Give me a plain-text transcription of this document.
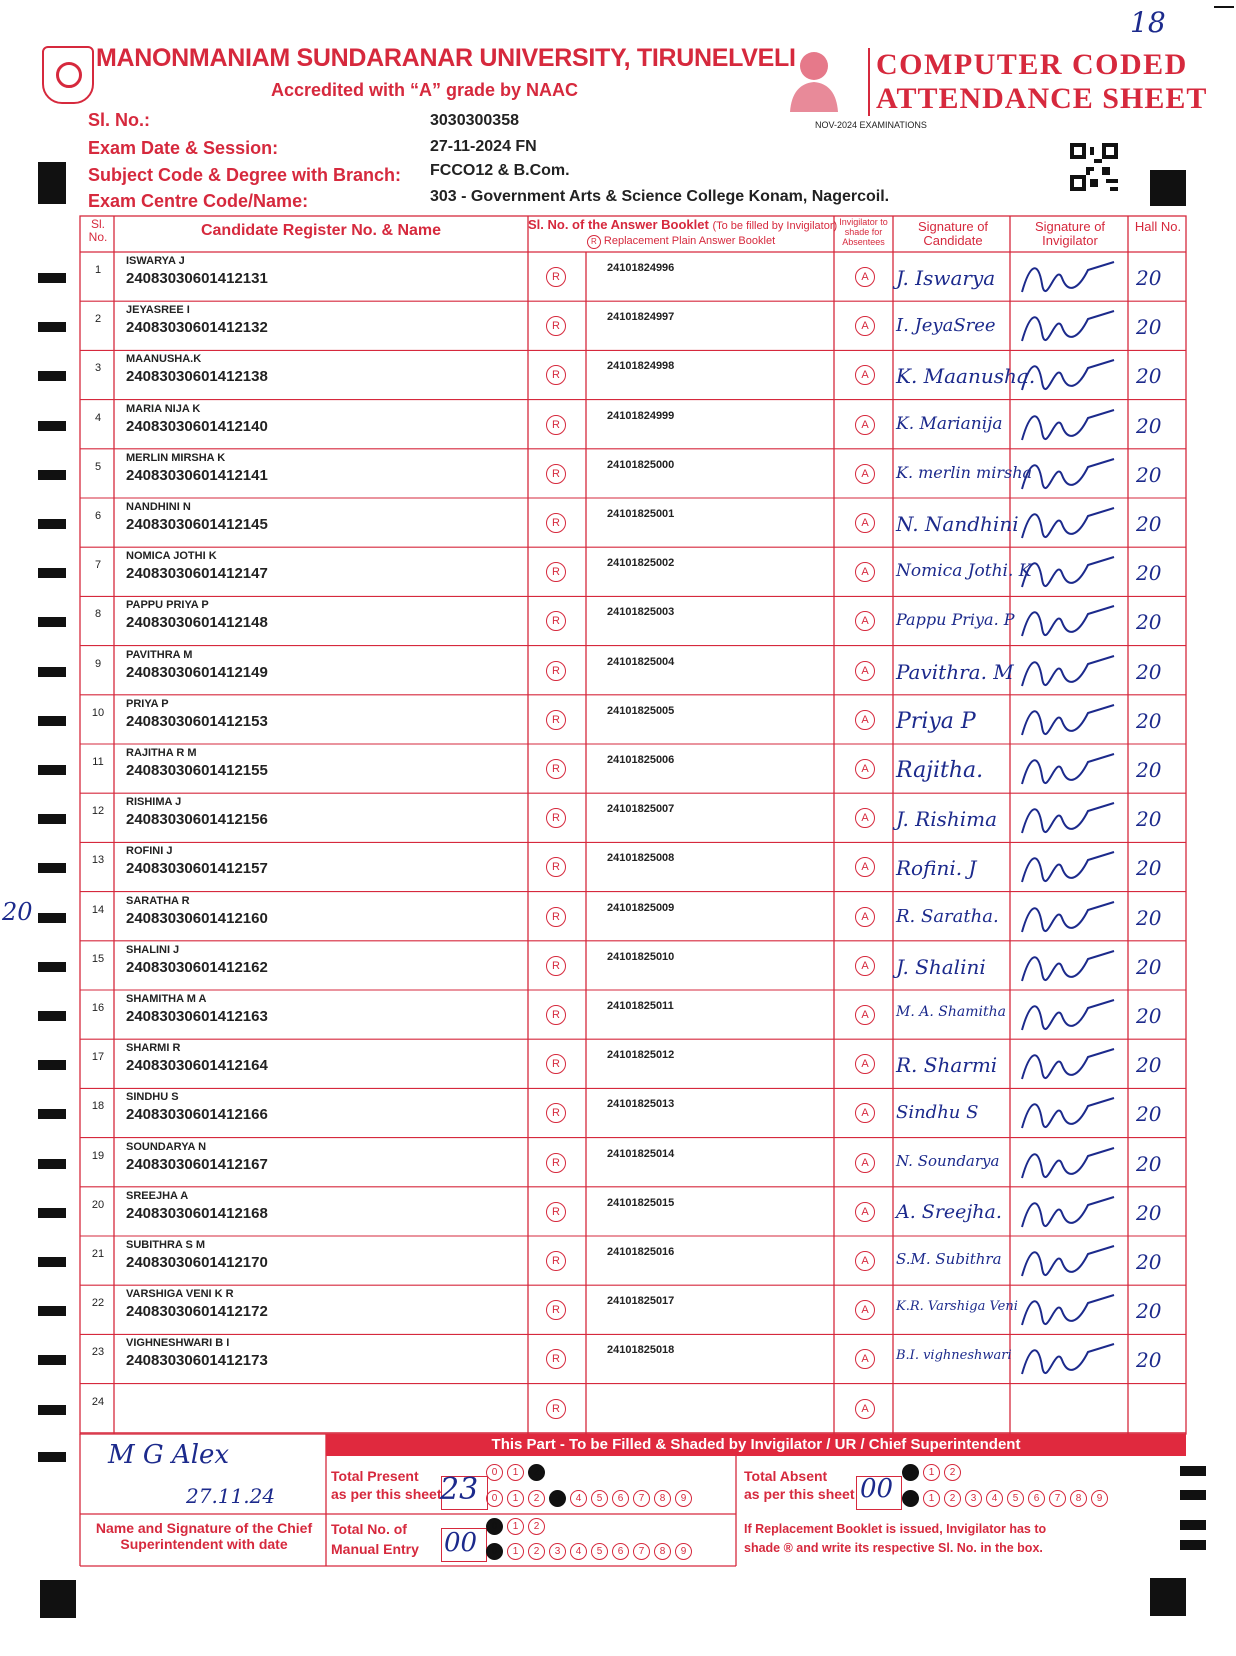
18
20
MANONMANIAM SUNDARANAR UNIVERSITY, TIRUNELVELI
Accredited with “A” grade by NAAC
COMPUTER CODED
ATTENDANCE SHEET
NOV-2024 EXAMINATIONS
Sl. No.:	3030300358
Exam Date & Session:	27-11-2024 FN
Subject Code & Degree with Branch: FCCO12 & B.Com.
Exam Centre Code/Name:	303 - Government Arts & Science College Konam, Nagercoil.
Sl. No.	Candidate Register No. & Name	Sl. No. of the Answer Booklet (To be filled by Invigilator)
R Replacement Plain Answer Booklet
Invigilator to shade for Absentees
Signature of Candidate
Signature of Invigilator
Hall No.
1
ISWARYA J
24083030601412131	R
24101824996
A	J. Iswarya	20
2
JEYASREE I
24083030601412132	R
24101824997
A	I. JeyaSree	20
3
MAANUSHA.K
24083030601412138	R
24101824998
A	K. Maanusha.	20
4
MARIA NIJA K
24083030601412140	R
24101824999
A	K. Marianija	20
5
MERLIN MIRSHA K
24083030601412141	R
24101825000
A	K. merlin mirsha	20
6
NANDHINI N
24083030601412145	R
24101825001
A	N. Nandhini	20
7
NOMICA JOTHI K
24083030601412147	R
24101825002
A	Nomica Jothi. K	20
8
PAPPU PRIYA P
24083030601412148	R
24101825003
A	Pappu Priya. P	20
9
PAVITHRA M
24083030601412149	R
24101825004
A	Pavithra. M	20
10
PRIYA P
24083030601412153	R
24101825005
A Priya P	20
11
RAJITHA R M
24083030601412155	R
24101825006
A Rajitha.	20
12
RISHIMA J
24083030601412156	R
24101825007
A	J. Rishima	20
13
ROFINI J
24083030601412157	R
24101825008
A	Rofini. J	20
14
SARATHA R
24083030601412160	R
24101825009
A	R. Saratha.	20
15
SHALINI J
24083030601412162	R
24101825010
A	J. Shalini	20
16
SHAMITHA M A
24083030601412163	R
24101825011
A	M. A. Shamitha	20
17
SHARMI R
24083030601412164	R
24101825012
A	R. Sharmi	20
18
SINDHU S
24083030601412166	R
24101825013
A	Sindhu S	20
19
SOUNDARYA N
24083030601412167	R
24101825014
A	N. Soundarya	20
20
SREEJHA A
24083030601412168	R
24101825015
A	A. Sreejha.	20
21
SUBITHRA S M
24083030601412170	R
24101825016
A	S.M. Subithra	20
22
VARSHIGA VENI K R
24083030601412172	R
24101825017
A	K.R. Varshiga Veni	20
23
VIGHNESHWARI B I
24083030601412173	R
24101825018
A	B.I. vighneshwari	20
24
R	A
This Part - To be Filled & Shaded by Invigilator / UR / Chief Superintendent
M G Alex
27.11.24
Name and Signature of the Chief Superintendent with date
Total Present
as per this sheet
23	Total Absent
as per this sheet 00
Total No. of
Manual Entry 00	If Replacement Booklet is issued, Invigilator has to shade ® and write its respective Sl. No. in the box.
0	1	2
0	1	2	3	4	5	6	7	8	9
0	1	2
0	1	2	3	4	5	6	7	8	9
0	1	2
0	1	2	3	4	5	6	7	8	9
